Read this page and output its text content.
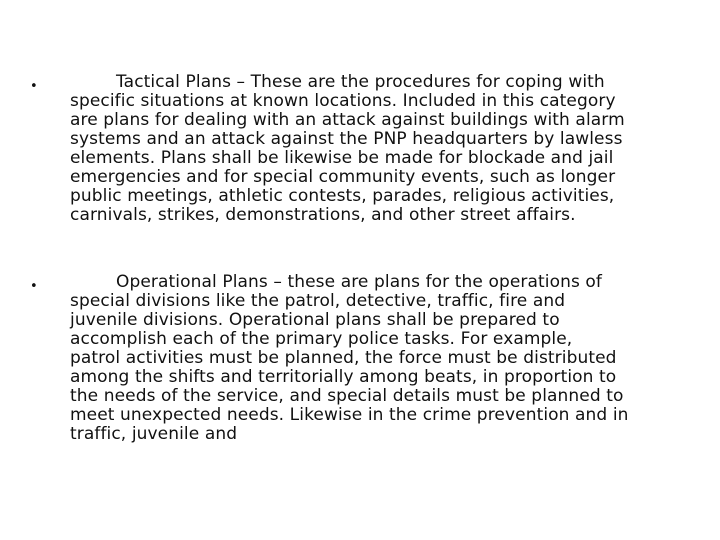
•	Tactical Plans – These are the procedures for coping with
specific situations at known locations. Included in this category
are plans for dealing with an attack against buildings with alarm
systems and an attack against the PNP headquarters by lawless
elements. Plans shall be likewise be made for blockade and jail
emergencies and for special community events, such as longer
public meetings, athletic contests, parades, religious activities,
carnivals, strikes, demonstrations, and other street affairs.

•	Operational Plans – these are plans for the operations of
special divisions like the patrol, detective, traffic, fire and
juvenile divisions. Operational plans shall be prepared to
accomplish each of the primary police tasks. For example,
patrol activities must be planned, the force must be distributed
among the shifts and territorially among beats, in proportion to
the needs of the service, and special details must be planned to
meet unexpected needs. Likewise in the crime prevention and in
traffic, juvenile and
